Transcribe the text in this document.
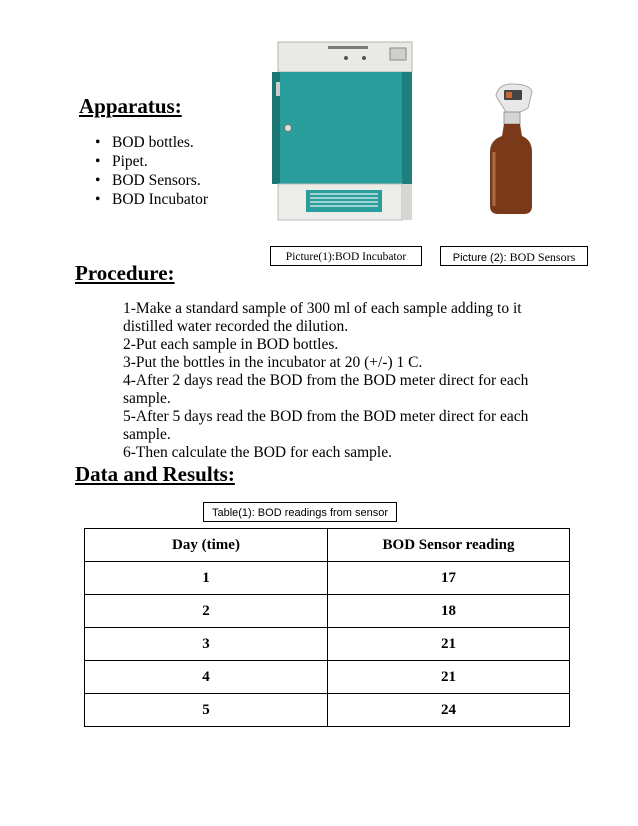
Apparatus:
• BOD bottles.
• Pipet.
• BOD Sensors.
• BOD Incubator
Picture(1):BOD Incubator	Picture (2): BOD Sensors
Procedure:
1-Make a standard sample of 300 ml of each sample adding to it
distilled water recorded the dilution.
2-Put each sample in BOD bottles.
3-Put the bottles in the incubator at 20 (+/-) 1 C.
4-After 2 days read the BOD from the BOD meter direct for each
sample.
5-After 5 days read the BOD from the BOD meter direct for each
sample.
6-Then calculate the BOD for each sample.
Data and Results:
Table(1): BOD readings from sensor
Day (time)	BOD Sensor reading
1	17
2	18
3	21
4	21
5	24
